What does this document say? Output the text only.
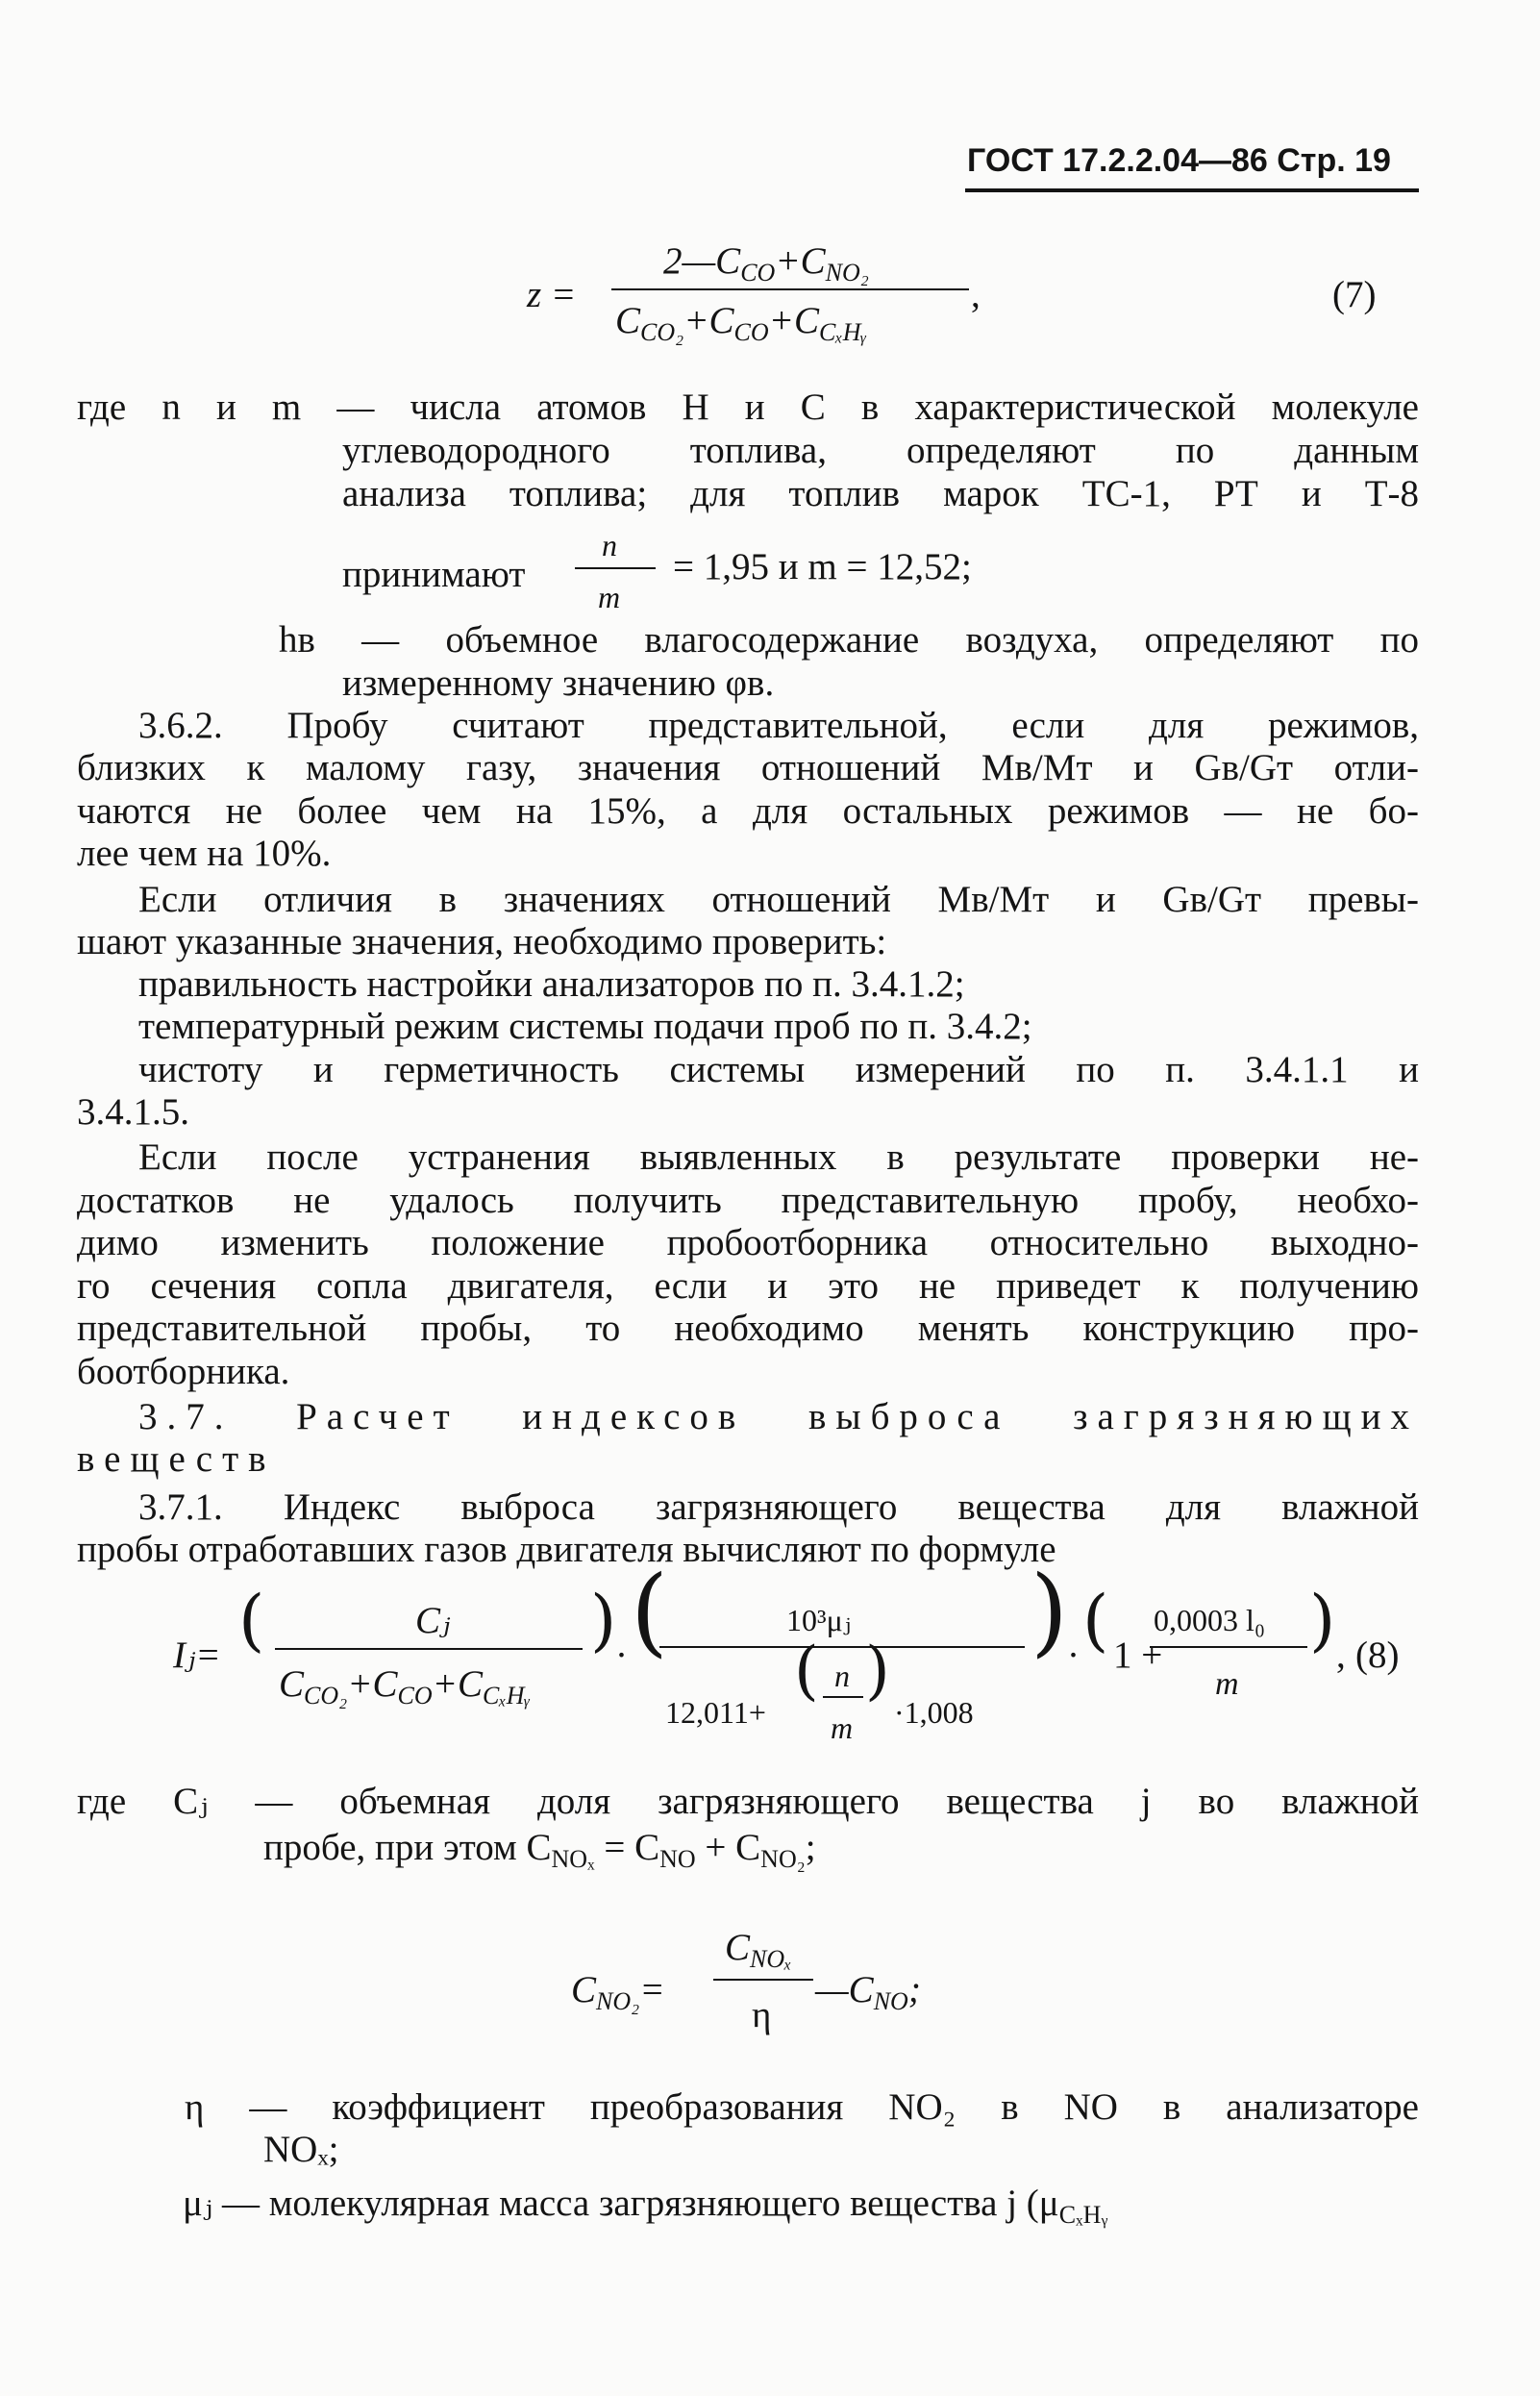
ГОСТ 17.2.2.04—86 Стр. 19
z =
$2—C_{CO}+C_{NO_2}$
$C_{CO_2}+C_{CO}+C_{C_xHᵧ}$
,	(7)
где n и m — числа атомов H и C в характеристической молекуле
углеводородного топлива, определяют по данным
анализа топлива; для топлив марок ТС-1, РТ и Т-8
принимают
n
m
= 1,95 и m = 12,52;
hв — объемное влагосодержание воздуха, определяют по
измеренному значению φв.
3.6.2. Пробу считают представительной, если для режимов,
близких к малому газу, значения отношений Mв/Mт и Gв/Gт отли-
чаются не более чем на 15%, а для остальных режимов — не бо-
лее чем на 10%.
Если отличия в значениях отношений Mв/Mт и Gв/Gт превы-
шают указанные значения, необходимо проверить:
правильность настройки анализаторов по п. 3.4.1.2;
температурный режим системы подачи проб по п. 3.4.2;
чистоту и герметичность системы измерений по п. 3.4.1.1 и
3.4.1.5.
Если после устранения выявленных в результате проверки не-
достатков не удалось получить представительную пробу, необхо-
димо изменить положение пробоотборника относительно выходно-
го сечения сопла двигателя, если и это не приведет к получению
представительной пробы, то необходимо менять конструкцию про-
боотборника.
3.7. Расчет индексов выброса загрязняющих
веществ
3.7.1. Индекс выброса загрязняющего вещества для влажной
пробы отработавших газов двигателя вычисляют по формуле
Iⱼ= (	Cⱼ
$C_{CO_2}+C_{CO}+C_{C_xHᵧ}$
)
· (	10³μⱼ
12,011+
( n
m
)
·1,008
)
· ( 1 +
0,0003 l₀
m
) , (8)
где Cⱼ — объемная доля загрязняющего вещества j во влажной
пробе, при этом $C_{NO_x} = C_{NO} + C_{NO_2}$;
$C_{NO_2}=$
$C_{NO_x}$
η
$—C_{NO}$;
η — коэффициент преобразования NO₂ в NO в анализаторе
NOₓ;
μⱼ — молекулярная масса загрязняющего вещества j ($\mu_{C_xHᵧ}$
